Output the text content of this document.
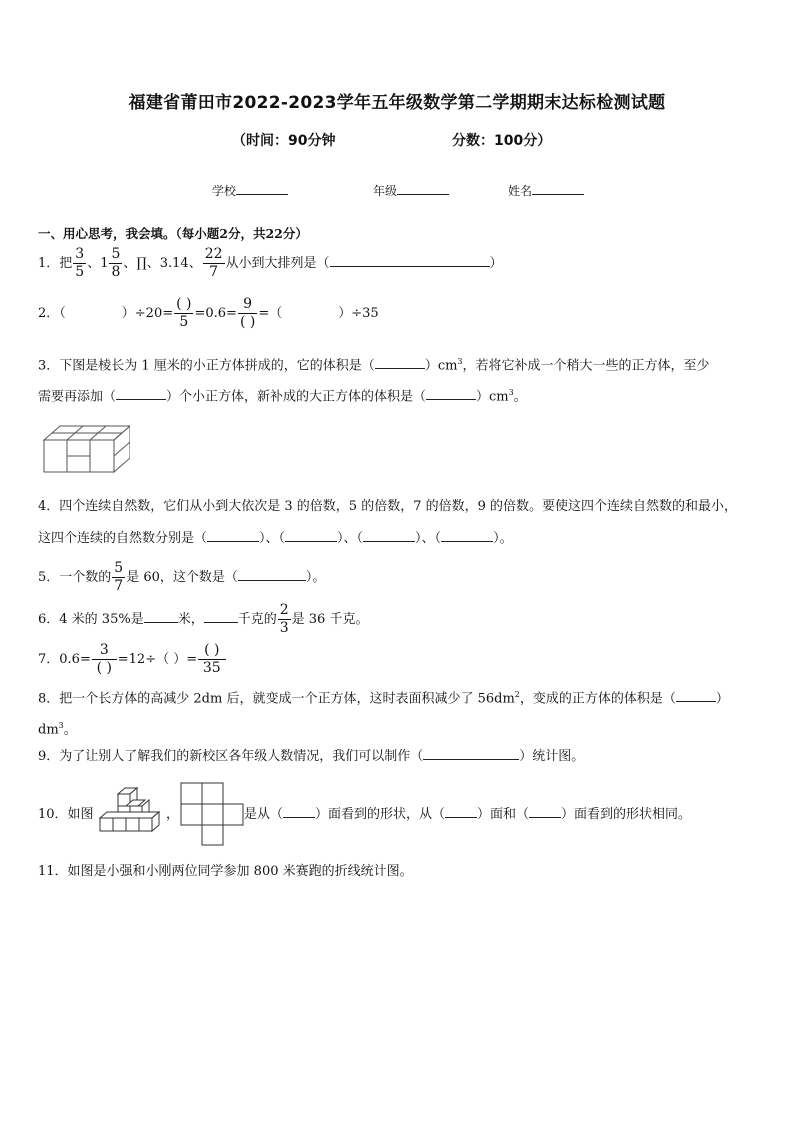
福建省莆田市2022-2023学年五年级数学第二学期期末达标检测试题
（时间：90分钟	分数：100分）
学校	年级	姓名
一、用心思考，我会填。（每小题2分，共22分）
1．把 $\frac{3}{5}$ 、$1 \frac{5}{8}$ 、∏、3.14、 $\frac{22}{7}$ 从小到大排列是（	）
2．（	）$\div 20= \frac{( )}{5} =0.6= \frac{9}{( )}$ =（	）÷35
3．下图是棱长为 1 厘米的小正方体拼成的，它的体积是（	）$cm^3$，若将它补成一个稍大一些的正方体，至少
需要再添加（	）个小正方体，新补成的大正方体的体积是（	）$cm^3$。
4．四个连续自然数，它们从小到大依次是 3 的倍数，5 的倍数，7 的倍数，9 的倍数。要使这四个连续自然数的和最小，
这四个连续的自然数分别是（	）、（	）、（	）、（	）。
5．一个数的 $\frac{5}{7}$ 是 60，这个数是（	）。
6．4 米的 35%是	米，	千克的 $\frac{2}{3}$ 是 36 千克。
7．$0.6= \frac{3}{( )} =12\div$（ ）= $\frac{( )}{35}$
8．把一个长方体的高减少 2dm 后，就变成一个正方体，这时表面积减少了 $56dm^2$，变成的正方体的体积是（	）
$dm^3$。
9．为了让别人了解我们的新校区各年级人数情况，我们可以制作（	）统计图。
10．如图	，	是从（ ）面看到的形状，从（ ）面和（ ）面看到的形状相同。
11．如图是小强和小刚两位同学参加 800 米赛跑的折线统计图。
